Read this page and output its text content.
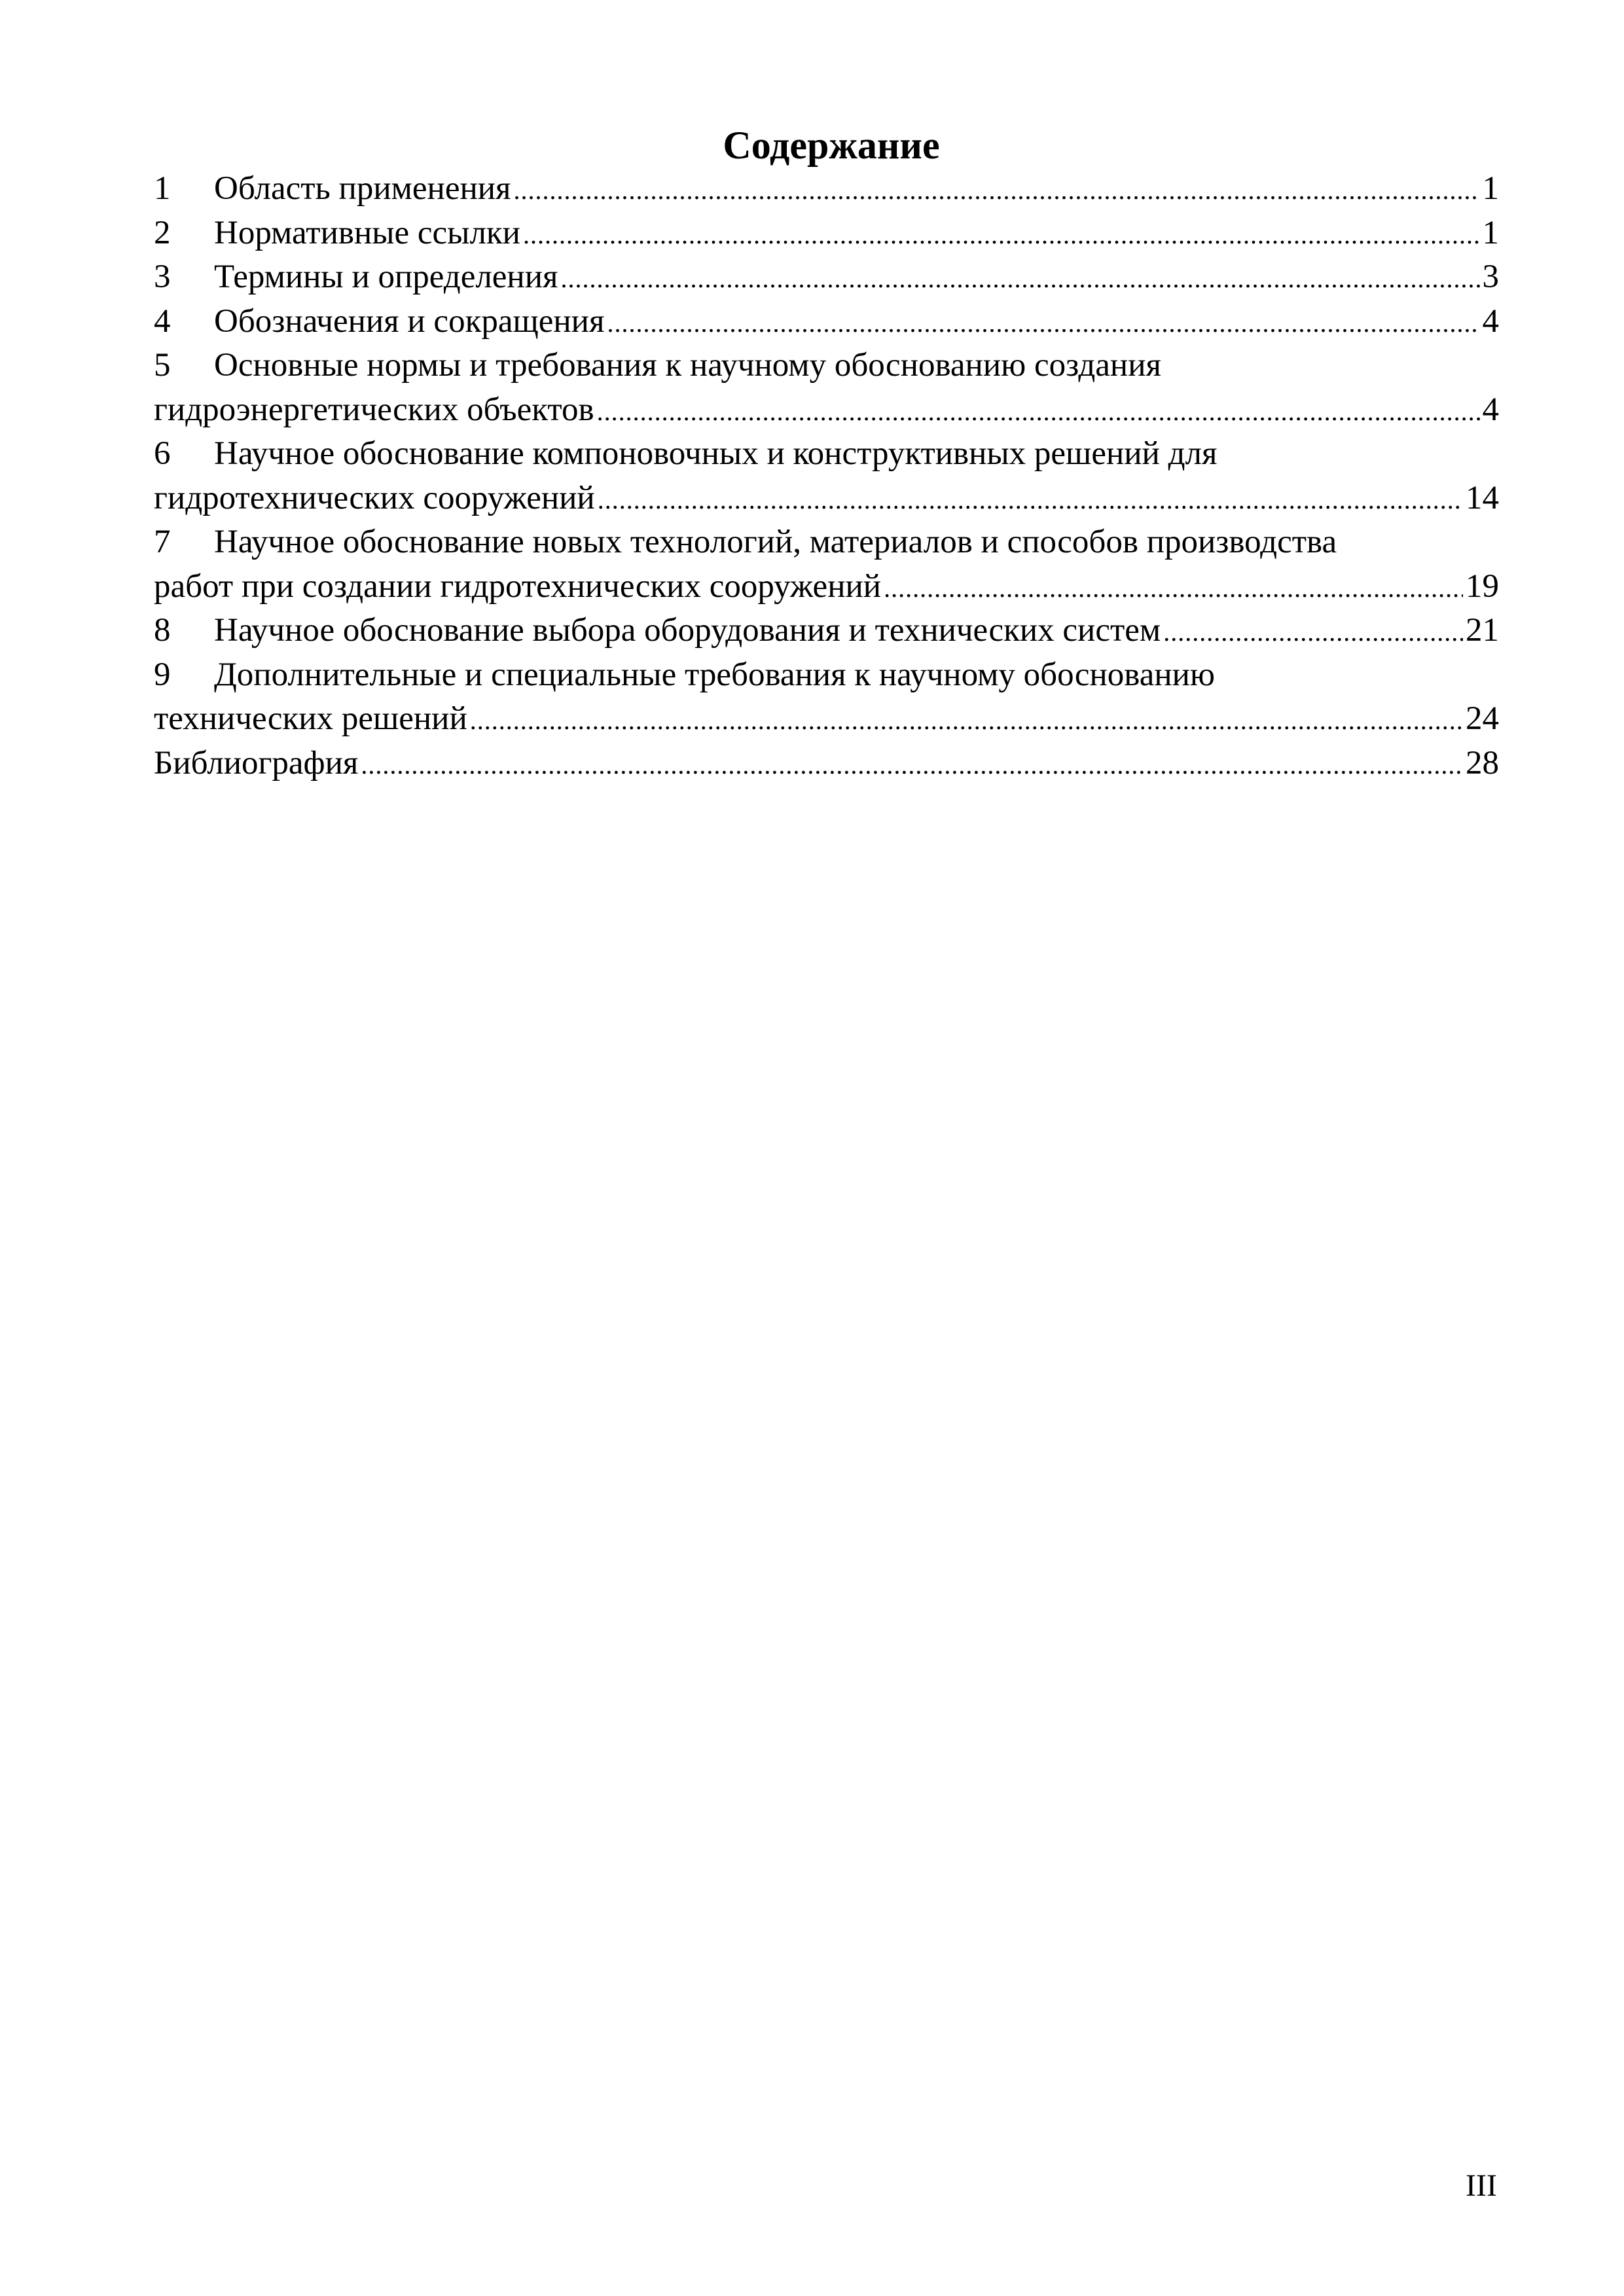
Содержание
1	Область применения .....	1
2	Нормативные ссылки .....	1
3	Термины и определения .....	3
4	Обозначения и сокращения .....	4
5	Основные нормы и требования к научному обоснованию создания
гидроэнергетических объектов .....	4
6	Научное обоснование компоновочных и конструктивных решений для
гидротехнических сооружений .....	14
7	Научное обоснование новых технологий, материалов и способов производства
работ при создании гидротехнических сооружений .....	19
8	Научное обоснование выбора оборудования и технических систем .....	21
9	Дополнительные и специальные требования к научному обоснованию
технических решений .....	24
Библиография .....	28
III
